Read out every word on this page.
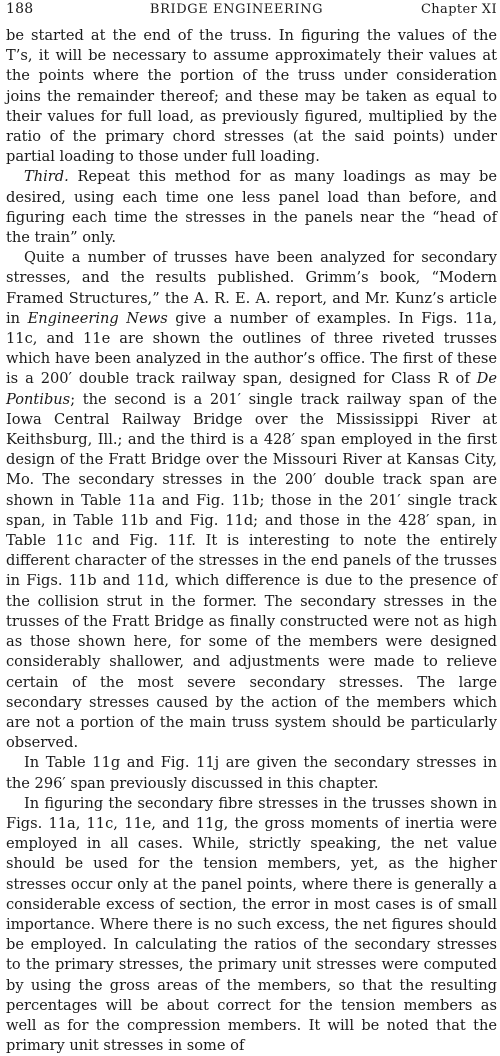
188	BRIDGE ENGINEERING	Chapter XI

be started at the end of the truss. In figuring the values of the T’s, it will be necessary to assume approximately their values at the points where the portion of the truss under consideration joins the remainder thereof; and these may be taken as equal to their values for full load, as previously figured, multiplied by the ratio of the primary chord stresses (at the said points) under partial loading to those under full loading.

Third. Repeat this method for as many loadings as may be desired, using each time one less panel load than before, and figuring each time the stresses in the panels near the “head of the train” only.

Quite a number of trusses have been analyzed for secondary stresses, and the results published. Grimm’s book, “Modern Framed Structures,” the A. R. E. A. report, and Mr. Kunz’s article in Engineering News give a number of examples. In Figs. 11a, 11c, and 11e are shown the outlines of three riveted trusses which have been analyzed in the author’s office. The first of these is a 200′ double track railway span, designed for Class R of De Pontibus; the second is a 201′ single track railway span of the Iowa Central Railway Bridge over the Mississippi River at Keithsburg, Ill.; and the third is a 428′ span employed in the first design of the Fratt Bridge over the Missouri River at Kansas City, Mo. The secondary stresses in the 200′ double track span are shown in Table 11a and Fig. 11b; those in the 201′ single track span, in Table 11b and Fig. 11d; and those in the 428′ span, in Table 11c and Fig. 11f. It is interesting to note the entirely different character of the stresses in the end panels of the trusses in Figs. 11b and 11d, which difference is due to the presence of the collision strut in the former. The secondary stresses in the trusses of the Fratt Bridge as finally constructed were not as high as those shown here, for some of the members were designed considerably shallower, and adjustments were made to relieve certain of the most severe secondary stresses. The large secondary stresses caused by the action of the members which are not a portion of the main truss system should be particularly observed.

In Table 11g and Fig. 11j are given the secondary stresses in the 296′ span previously discussed in this chapter.

In figuring the secondary fibre stresses in the trusses shown in Figs. 11a, 11c, 11e, and 11g, the gross moments of inertia were employed in all cases. While, strictly speaking, the net value should be used for the tension members, yet, as the higher stresses occur only at the panel points, where there is generally a considerable excess of section, the error in most cases is of small importance. Where there is no such excess, the net figures should be employed. In calculating the ratios of the secondary stresses to the primary stresses, the primary unit stresses were computed by using the gross areas of the members, so that the resulting percentages will be about correct for the tension members as well as for the compression members. It will be noted that the primary unit stresses in some of
